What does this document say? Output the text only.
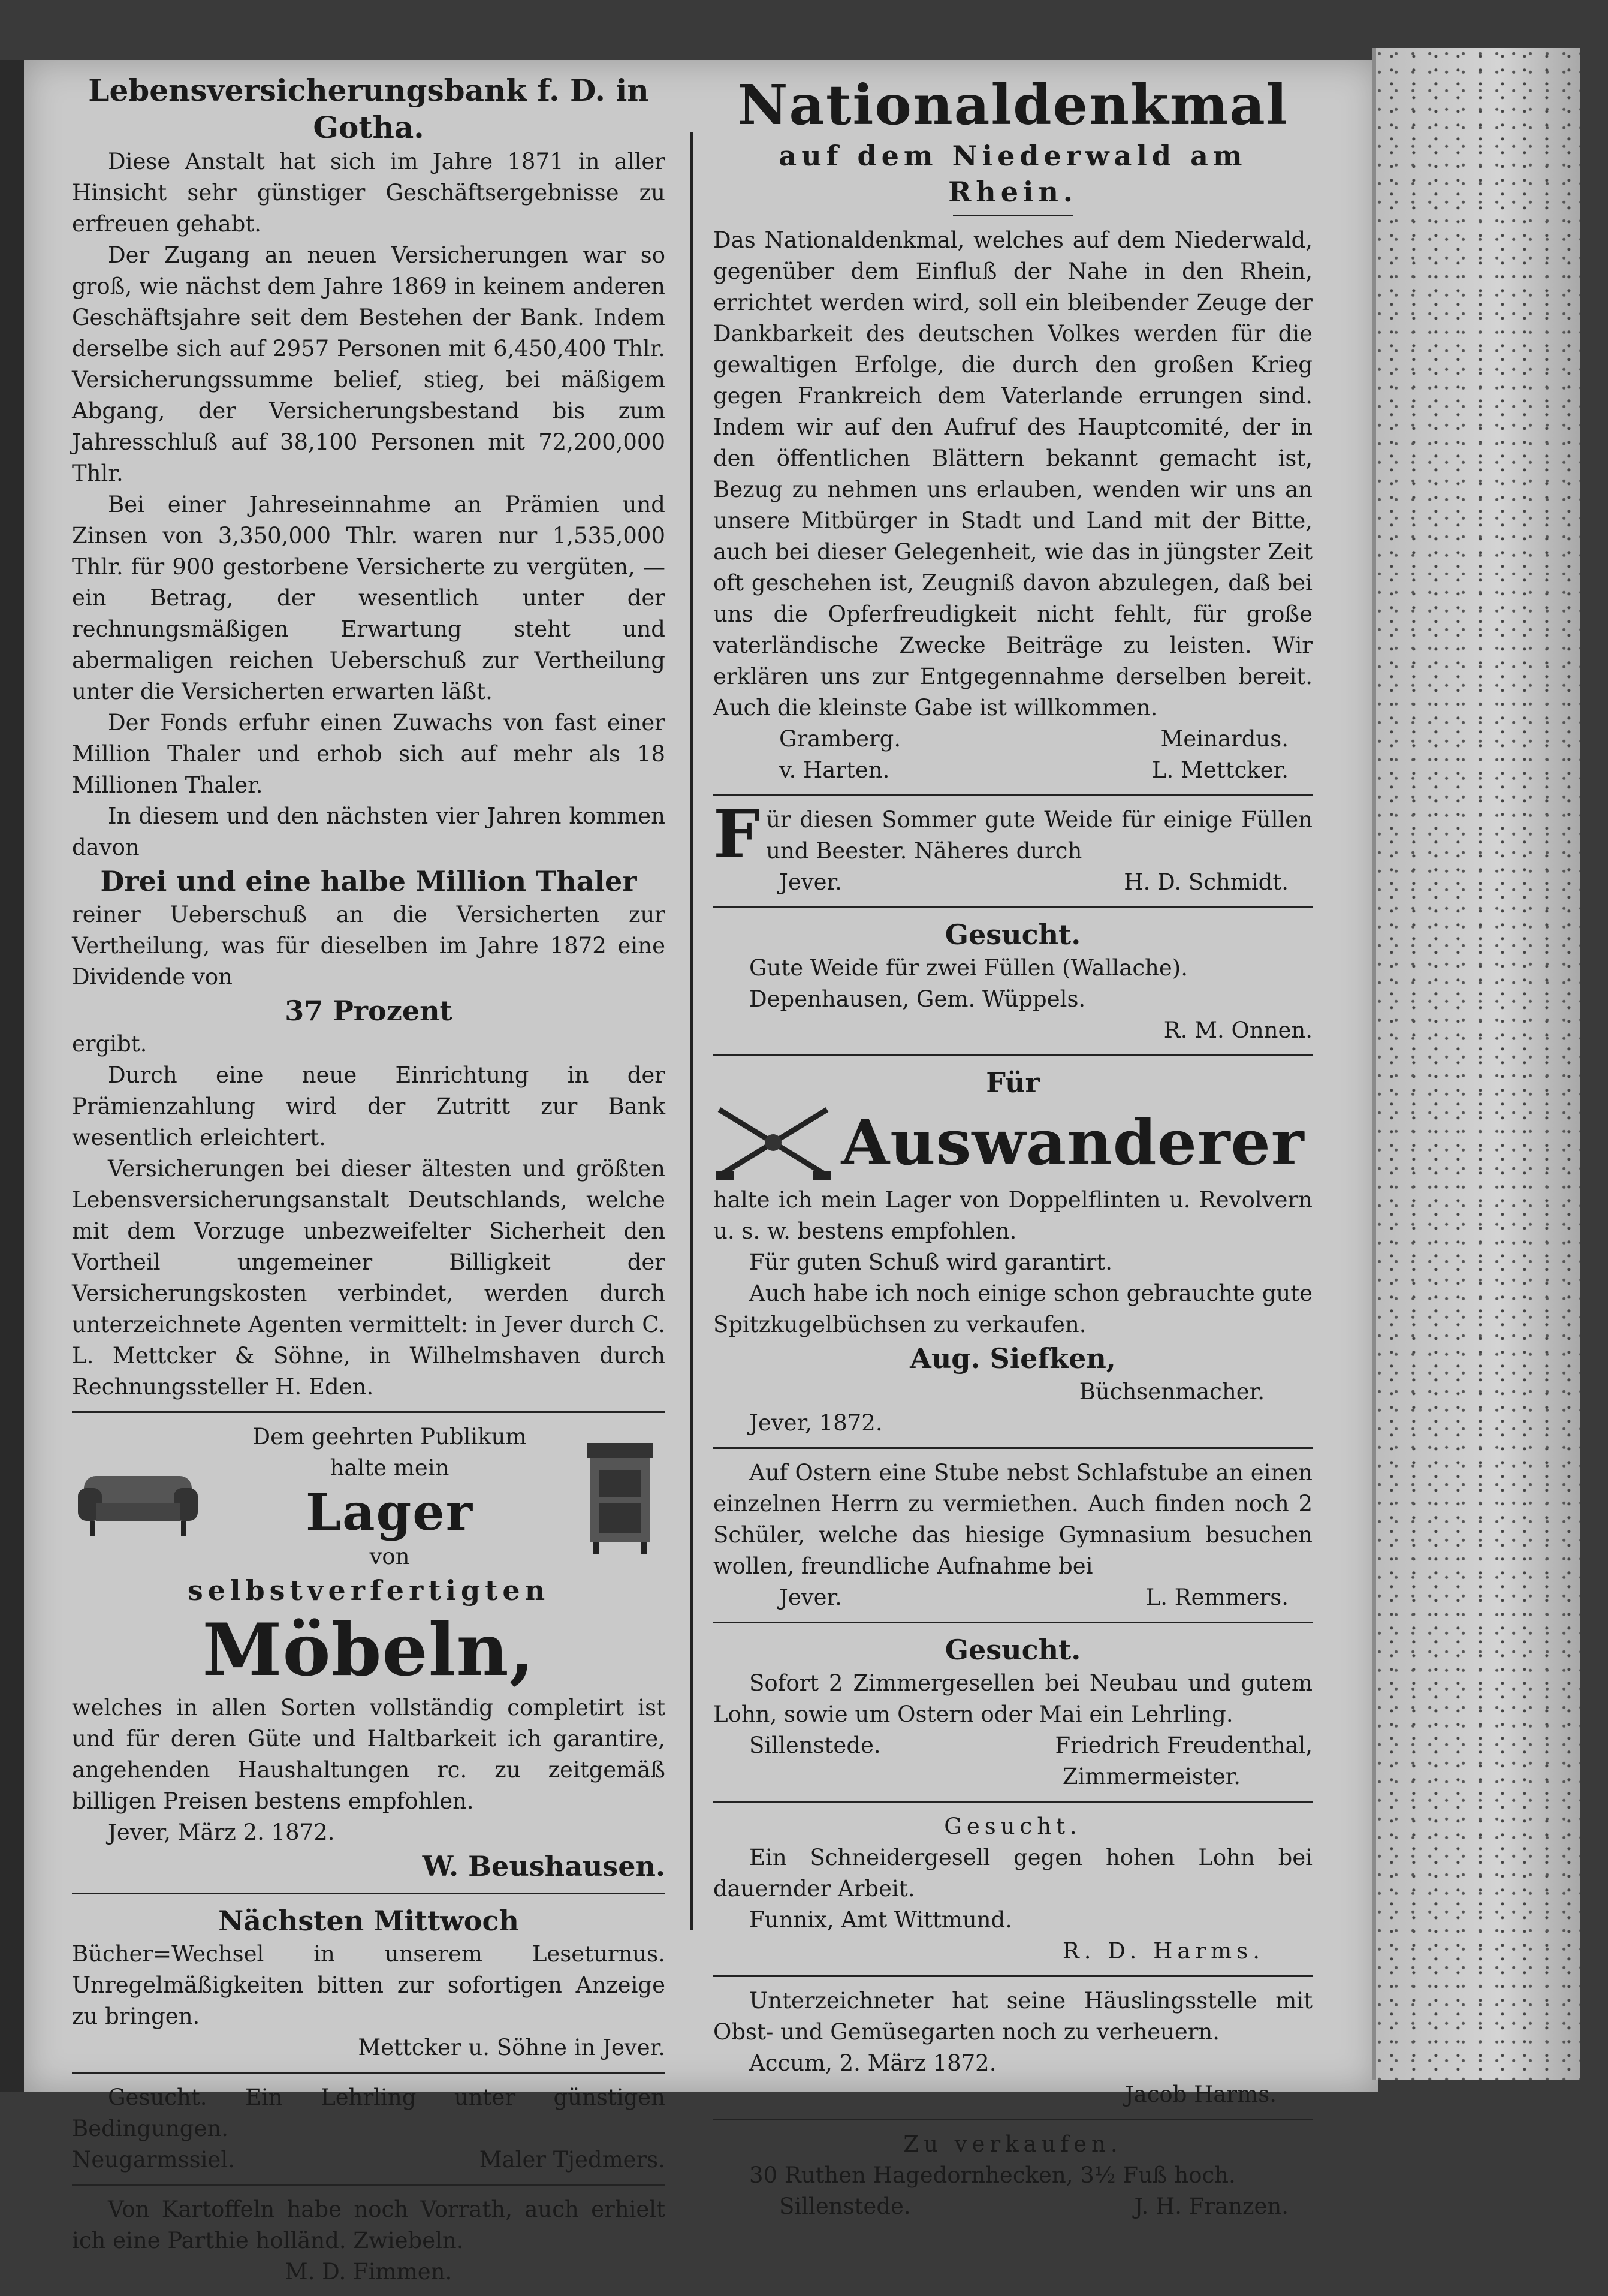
Lebensversicherungsbank f. D. in Gotha.

Diese Anstalt hat sich im Jahre 1871 in aller Hinsicht sehr günstiger Geschäftsergebnisse zu erfreuen gehabt.

Der Zugang an neuen Versicherungen war so groß, wie nächst dem Jahre 1869 in keinem anderen Geschäftsjahre seit dem Bestehen der Bank. Indem derselbe sich auf 2957 Personen mit 6,450,400 Thlr. Versicherungssumme belief, stieg, bei mäßigem Abgang, der Versicherungsbestand bis zum Jahresschluß auf 38,100 Personen mit 72,200,000 Thlr.

Bei einer Jahreseinnahme an Prämien und Zinsen von 3,350,000 Thlr. waren nur 1,535,000 Thlr. für 900 gestorbene Versicherte zu vergüten, — ein Betrag, der wesentlich unter der rechnungsmäßigen Erwartung steht und abermaligen reichen Ueberschuß zur Vertheilung unter die Versicherten erwarten läßt.

Der Fonds erfuhr einen Zuwachs von fast einer Million Thaler und erhob sich auf mehr als 18 Millionen Thaler.

In diesem und den nächsten vier Jahren kommen davon

Drei und eine halbe Million Thaler

reiner Ueberschuß an die Versicherten zur Vertheilung, was für dieselben im Jahre 1872 eine Dividende von

37 Prozent

ergibt.

Durch eine neue Einrichtung in der Prämienzahlung wird der Zutritt zur Bank wesentlich erleichtert.

Versicherungen bei dieser ältesten und größten Lebensversicherungsanstalt Deutschlands, welche mit dem Vorzuge unbezweifelter Sicherheit den Vortheil ungemeiner Billigkeit der Versicherungskosten verbindet, werden durch unterzeichnete Agenten vermittelt: in Jever durch C. L. Mettcker & Söhne, in Wilhelmshaven durch Rechnungssteller H. Eden.

Dem geehrten Publikum
halte mein
Lager
von
selbstverfertigten
Möbeln,

welches in allen Sorten vollständig completirt ist und für deren Güte und Haltbarkeit ich garantire, angehenden Haushaltungen rc. zu zeitgemäß billigen Preisen bestens empfohlen.

Jever, März 2. 1872.

W. Beushausen.
Nächsten Mittwoch

Bücher=Wechsel in unserem Leseturnus. Unregelmäßigkeiten bitten zur sofortigen Anzeige zu bringen.

Mettcker u. Söhne in Jever.

Gesucht. Ein Lehrling unter günstigen Bedingungen.

Neugarmssiel.	Maler Tjedmers.

Von Kartoffeln habe noch Vorrath, auch erhielt ich eine Parthie holländ. Zwiebeln.

M. D. Fimmen.

Nationaldenkmal
auf dem Niederwald am Rhein.

Das Nationaldenkmal, welches auf dem Niederwald, gegenüber dem Einfluß der Nahe in den Rhein, errichtet werden wird, soll ein bleibender Zeuge der Dankbarkeit des deutschen Volkes werden für die gewaltigen Erfolge, die durch den großen Krieg gegen Frankreich dem Vaterlande errungen sind. Indem wir auf den Aufruf des Hauptcomité, der in den öffentlichen Blättern bekannt gemacht ist, Bezug zu nehmen uns erlauben, wenden wir uns an unsere Mitbürger in Stadt und Land mit der Bitte, auch bei dieser Gelegenheit, wie das in jüngster Zeit oft geschehen ist, Zeugniß davon abzulegen, daß bei uns die Opferfreudigkeit nicht fehlt, für große vaterländische Zwecke Beiträge zu leisten. Wir erklären uns zur Entgegennahme derselben bereit. Auch die kleinste Gabe ist willkommen.

Gramberg.	Meinardus.
v. Harten.	L. Mettcker.
F ür diesen Sommer gute Weide für einige Füllen und Beester. Näheres durch

Jever.	H. D. Schmidt.
Gesucht.

Gute Weide für zwei Füllen (Wallache).

Depenhausen, Gem. Wüppels.

R. M. Onnen.

Für
Auswanderer

halte ich mein Lager von Doppelflinten u. Revolvern u. s. w. bestens empfohlen.

Für guten Schuß wird garantirt.

Auch habe ich noch einige schon gebrauchte gute Spitzkugelbüchsen zu verkaufen.

Aug. Siefken,

Büchsenmacher.

Jever, 1872.

Auf Ostern eine Stube nebst Schlafstube an einen einzelnen Herrn zu vermiethen. Auch finden noch 2 Schüler, welche das hiesige Gymnasium besuchen wollen, freundliche Aufnahme bei

Jever.	L. Remmers.
Gesucht.

Sofort 2 Zimmergesellen bei Neubau und gutem Lohn, sowie um Ostern oder Mai ein Lehrling.

Sillenstede.	Friedrich Freudenthal,

Zimmermeister.

Gesucht.

Ein Schneidergesell gegen hohen Lohn bei dauernder Arbeit.

Funnix, Amt Wittmund.

R. D. Harms.

Unterzeichneter hat seine Häuslingsstelle mit Obst- und Gemüsegarten noch zu verheuern.

Accum, 2. März 1872.

Jacob Harms.

Zu verkaufen.

30 Ruthen Hagedornhecken, 3½ Fuß hoch.

Sillenstede.	J. H. Franzen.
